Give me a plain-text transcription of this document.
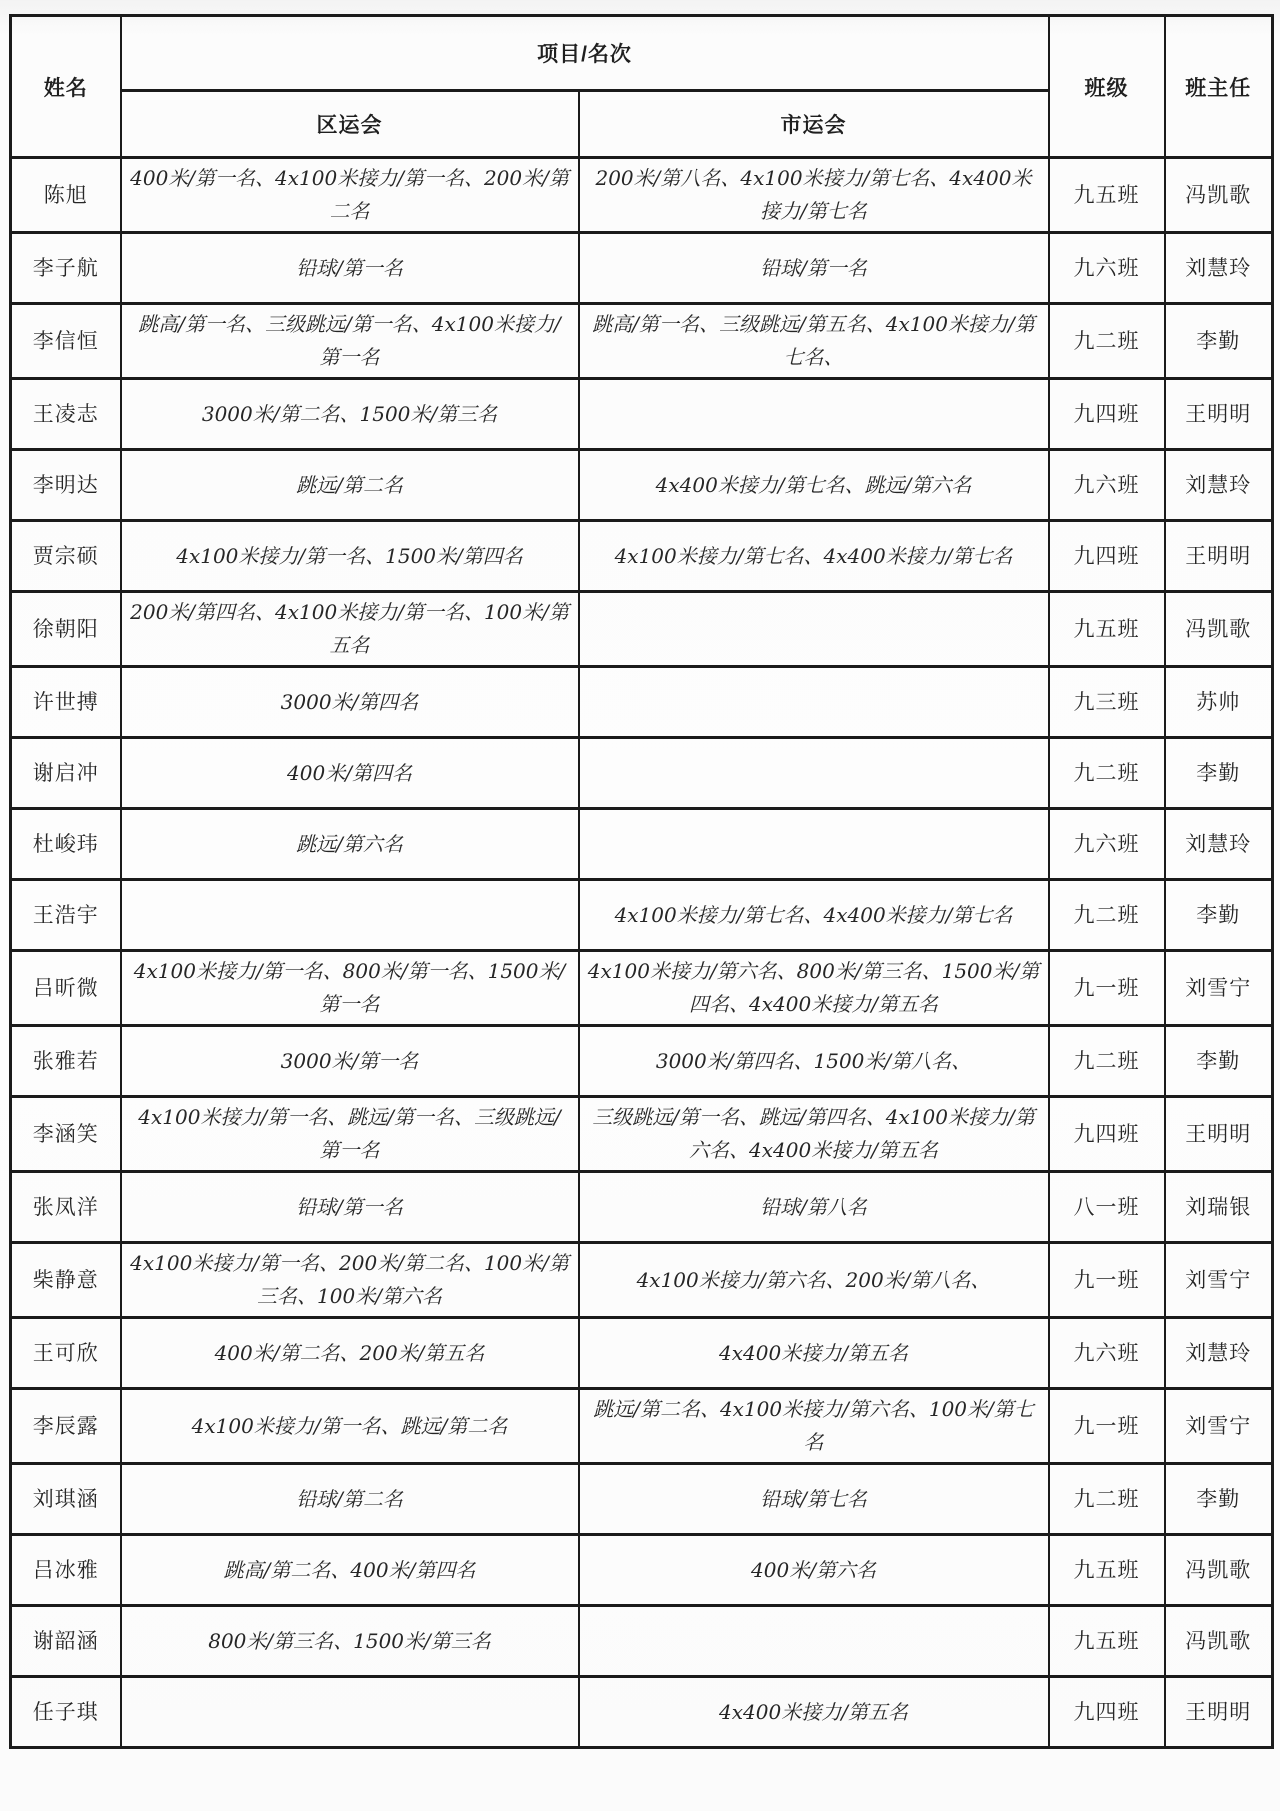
姓名	项目/名次		班级	班主任
	区运会	市运会		
陈旭	400米/第一名、4x100米接力/第一名、200米/第二名	200米/第八名、4x100米接力/第七名、4x400米接力/第七名	九五班	冯凯歌
李子航	铅球/第一名	铅球/第一名	九六班	刘慧玲
李信恒	跳高/第一名、三级跳远/第一名、4x100米接力/第一名	跳高/第一名、三级跳远/第五名、4x100米接力/第七名、	九二班	李勤
王凌志	3000米/第二名、1500米/第三名		九四班	王明明
李明达	跳远/第二名	4x400米接力/第七名、跳远/第六名	九六班	刘慧玲
贾宗硕	4x100米接力/第一名、1500米/第四名	4x100米接力/第七名、4x400米接力/第七名	九四班	王明明
徐朝阳	200米/第四名、4x100米接力/第一名、100米/第五名		九五班	冯凯歌
许世搏	3000米/第四名		九三班	苏帅
谢启冲	400米/第四名		九二班	李勤
杜峻玮	跳远/第六名		九六班	刘慧玲
王浩宇		4x100米接力/第七名、4x400米接力/第七名	九二班	李勤
吕昕微	4x100米接力/第一名、800米/第一名、1500米/第一名	4x100米接力/第六名、800米/第三名、1500米/第四名、4x400米接力/第五名	九一班	刘雪宁
张雅若	3000米/第一名	3000米/第四名、1500米/第八名、	九二班	李勤
李涵笑	4x100米接力/第一名、跳远/第一名、三级跳远/第一名	三级跳远/第一名、跳远/第四名、4x100米接力/第六名、4x400米接力/第五名	九四班	王明明
张凤洋	铅球/第一名	铅球/第八名	八一班	刘瑞银
柴静意	4x100米接力/第一名、200米/第二名、100米/第三名、100米/第六名	4x100米接力/第六名、200米/第八名、	九一班	刘雪宁
王可欣	400米/第二名、200米/第五名	4x400米接力/第五名	九六班	刘慧玲
李辰露	4x100米接力/第一名、跳远/第二名	跳远/第二名、4x100米接力/第六名、100米/第七名	九一班	刘雪宁
刘琪涵	铅球/第二名	铅球/第七名	九二班	李勤
吕冰雅	跳高/第二名、400米/第四名	400米/第六名	九五班	冯凯歌
谢韶涵	800米/第三名、1500米/第三名		九五班	冯凯歌
任子琪		4x400米接力/第五名	九四班	王明明
